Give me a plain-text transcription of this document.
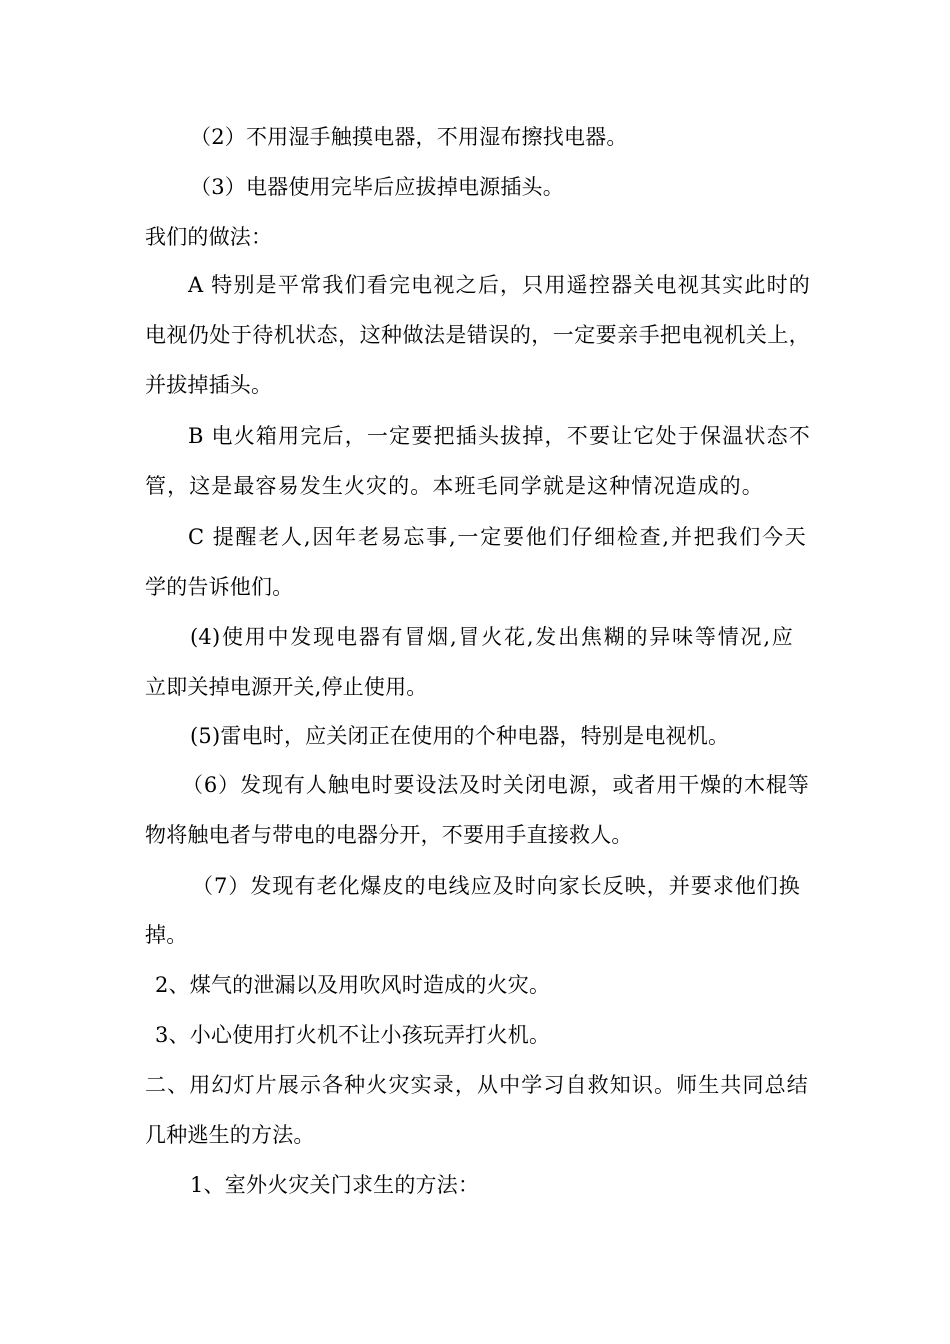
（2）不用湿手触摸电器，不用湿布擦找电器。
（3）电器使用完毕后应拔掉电源插头。
我们的做法：
A 特别是平常我们看完电视之后，只用遥控器关电视其实此时的
电视仍处于待机状态，这种做法是错误的，一定要亲手把电视机关上，
并拔掉插头。
B 电火箱用完后，一定要把插头拔掉，不要让它处于保温状态不
管，这是最容易发生火灾的。本班毛同学就是这种情况造成的。
C 提醒老人,因年老易忘事,一定要他们仔细检查,并把我们今天
学的告诉他们。
(4)使用中发现电器有冒烟,冒火花,发出焦糊的异味等情况,应
立即关掉电源开关,停止使用。
(5)雷电时，应关闭正在使用的个种电器，特别是电视机。
（6）发现有人触电时要设法及时关闭电源，或者用干燥的木棍等
物将触电者与带电的电器分开，不要用手直接救人。
（7）发现有老化爆皮的电线应及时向家长反映，并要求他们换
掉。
2、煤气的泄漏以及用吹风时造成的火灾。
3、小心使用打火机不让小孩玩弄打火机。
二、用幻灯片展示各种火灾实录，从中学习自救知识。师生共同总结
几种逃生的方法。
1、室外火灾关门求生的方法：
